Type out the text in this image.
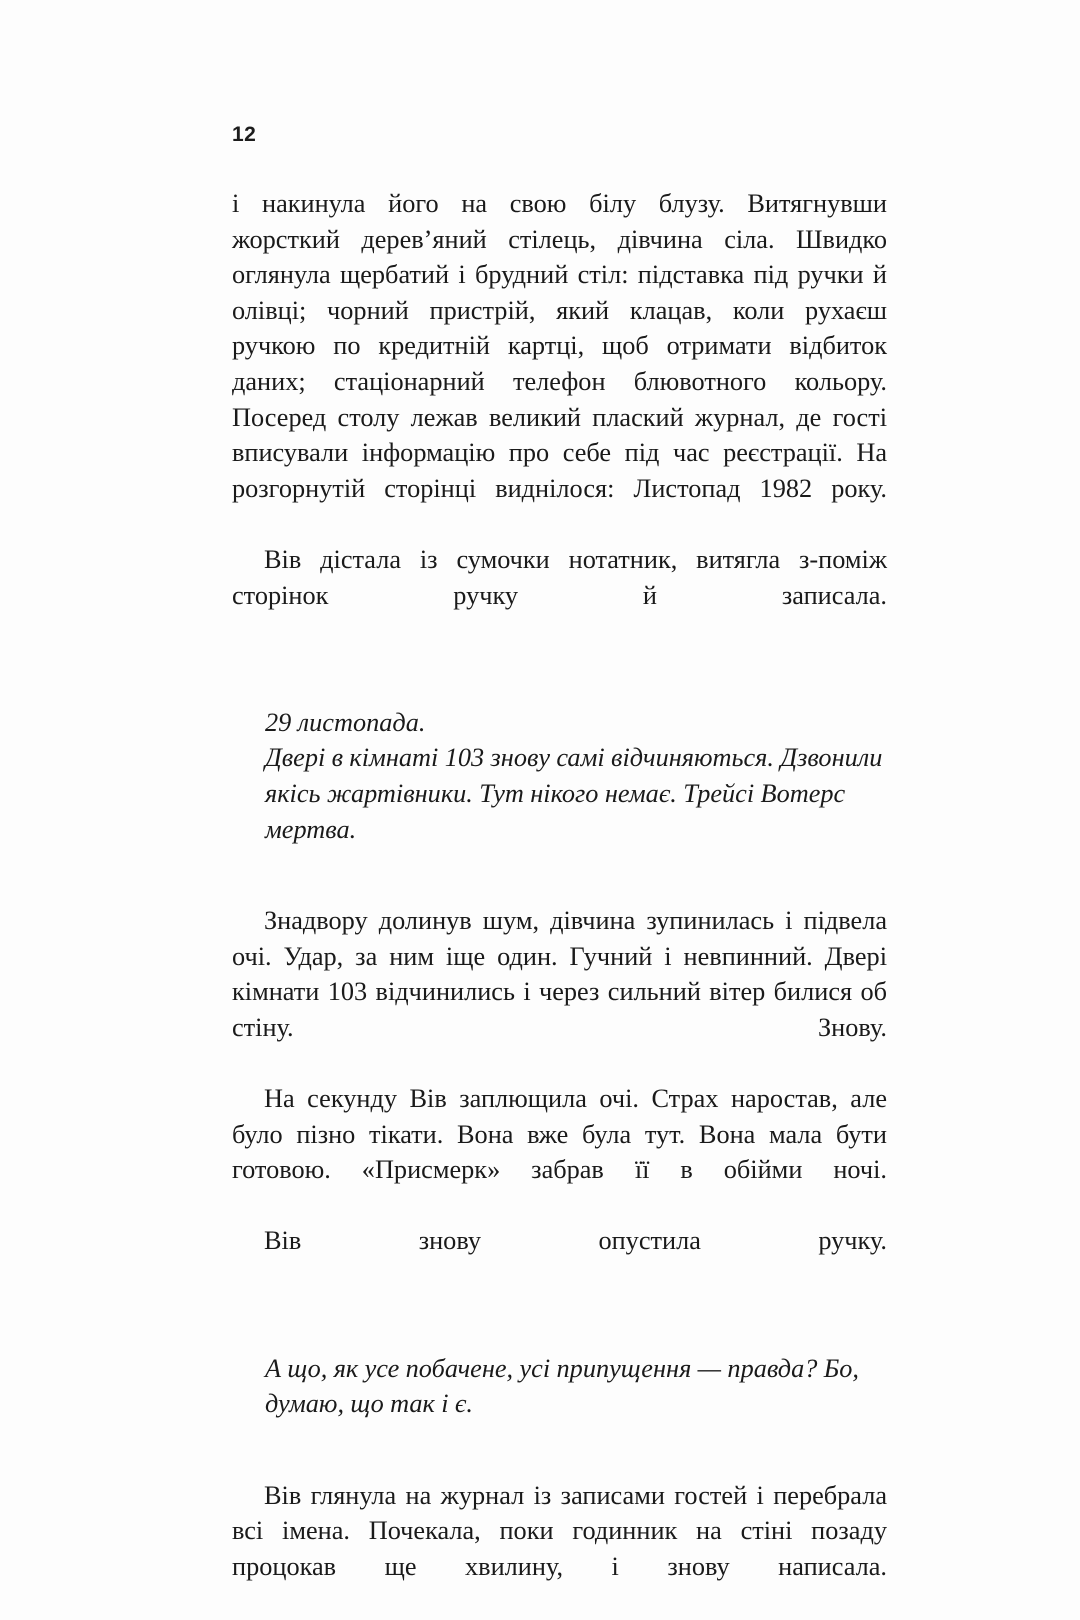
12

і накинула його на свою білу блузу. Витягнувши жорсткий дерев’яний стілець, дівчина сіла. Швидко оглянула щербатий і брудний стіл: підставка під ручки й олівці; чорний пристрій, який клацав, коли рухаєш ручкою по кредитній картці, щоб отримати відбиток даних; стаціонарний телефон блювотного кольору. Посеред столу лежав великий плаский журнал, де гості вписували інформацію про себе під час реєстрації. На розгорнутій сторінці виднілося: Листопад 1982 року.

Вів дістала із сумочки нотатник, витягла з-поміж сторінок ручку й записала.

29 листопада.

Двері в кімнаті 103 знову самі відчиняються. Дзвонили якісь жартівники. Тут нікого немає. Трейсі Вотерс мертва.

Знадвору долинув шум, дівчина зупинилась і підвела очі. Удар, за ним іще один. Гучний і невпинний. Двері кімнати 103 відчинились і через сильний вітер билися об стіну. Знову.

На секунду Вів заплющила очі. Страх наростав, але було пізно тікати. Вона вже була тут. Вона мала бути готовою. «Присмерк» забрав її в обійми ночі.

Вів знову опустила ручку.

А що, як усе побачене, усі припущення — правда? Бо, думаю, що так і є.

Вів глянула на журнал із записами гостей і перебрала всі імена. Почекала, поки годинник на стіні позаду процокав ще хвилину, і знову написала.
